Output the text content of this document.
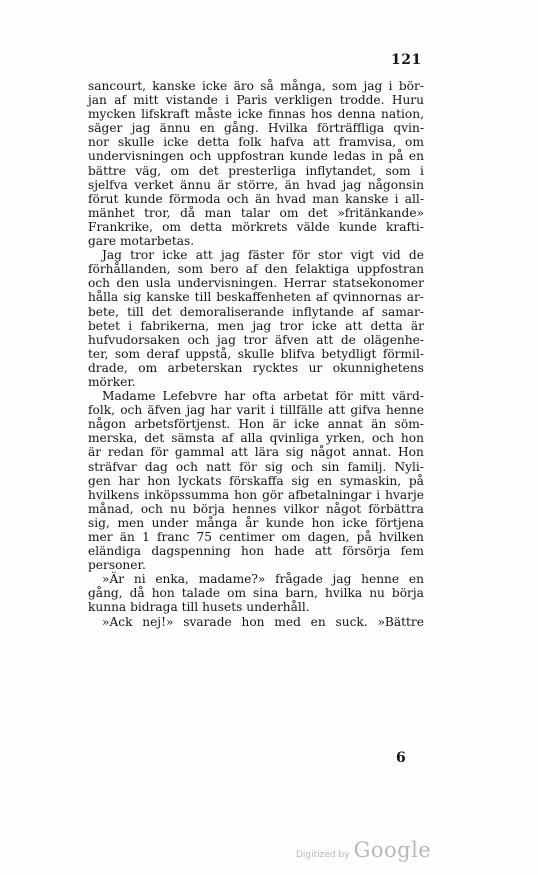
121
sancourt, kanske icke äro så många, som jag i bör-
jan af mitt vistande i Paris verkligen trodde. Huru
mycken lifskraft måste icke finnas hos denna nation,
säger jag ännu en gång. Hvilka förträffliga qvin-
nor skulle icke detta folk hafva att framvisa, om
undervisningen och uppfostran kunde ledas in på en
bättre väg, om det presterliga inflytandet, som i
sjelfva verket ännu är större, än hvad jag någonsin
förut kunde förmoda och än hvad man kanske i all-
mänhet tror, då man talar om det »fritänkande»
Frankrike, om detta mörkrets välde kunde krafti-
gare motarbetas.
Jag tror icke att jag fäster för stor vigt vid de
förhållanden, som bero af den felaktiga uppfostran
och den usla undervisningen. Herrar statsekonomer
hålla sig kanske till beskaffenheten af qvinnornas ar-
bete, till det demoraliserande inflytande af samar-
betet i fabrikerna, men jag tror icke att detta är
hufvudorsaken och jag tror äfven att de olägenhe-
ter, som deraf uppstå, skulle blifva betydligt förmil-
drade, om arbeterskan rycktes ur okunnighetens
mörker.
Madame Lefebvre har ofta arbetat för mitt värd-
folk, och äfven jag har varit i tillfälle att gifva henne
någon arbetsförtjenst. Hon är icke annat än söm-
merska, det sämsta af alla qvinliga yrken, och hon
är redan för gammal att lära sig något annat. Hon
sträfvar dag och natt för sig och sin familj. Nyli-
gen har hon lyckats förskaffa sig en symaskin, på
hvilkens inköpssumma hon gör afbetalningar i hvarje
månad, och nu börja hennes vilkor något förbättra
sig, men under många år kunde hon icke förtjena
mer än 1 franc 75 centimer om dagen, på hvilken
eländiga dagspenning hon hade att försörja fem
personer.
»Är ni enka, madame?» frågade jag henne en
gång, då hon talade om sina barn, hvilka nu börja
kunna bidraga till husets underhåll.
»Ack nej!» svarade hon med en suck. »Bättre
6
Digitized by Google
